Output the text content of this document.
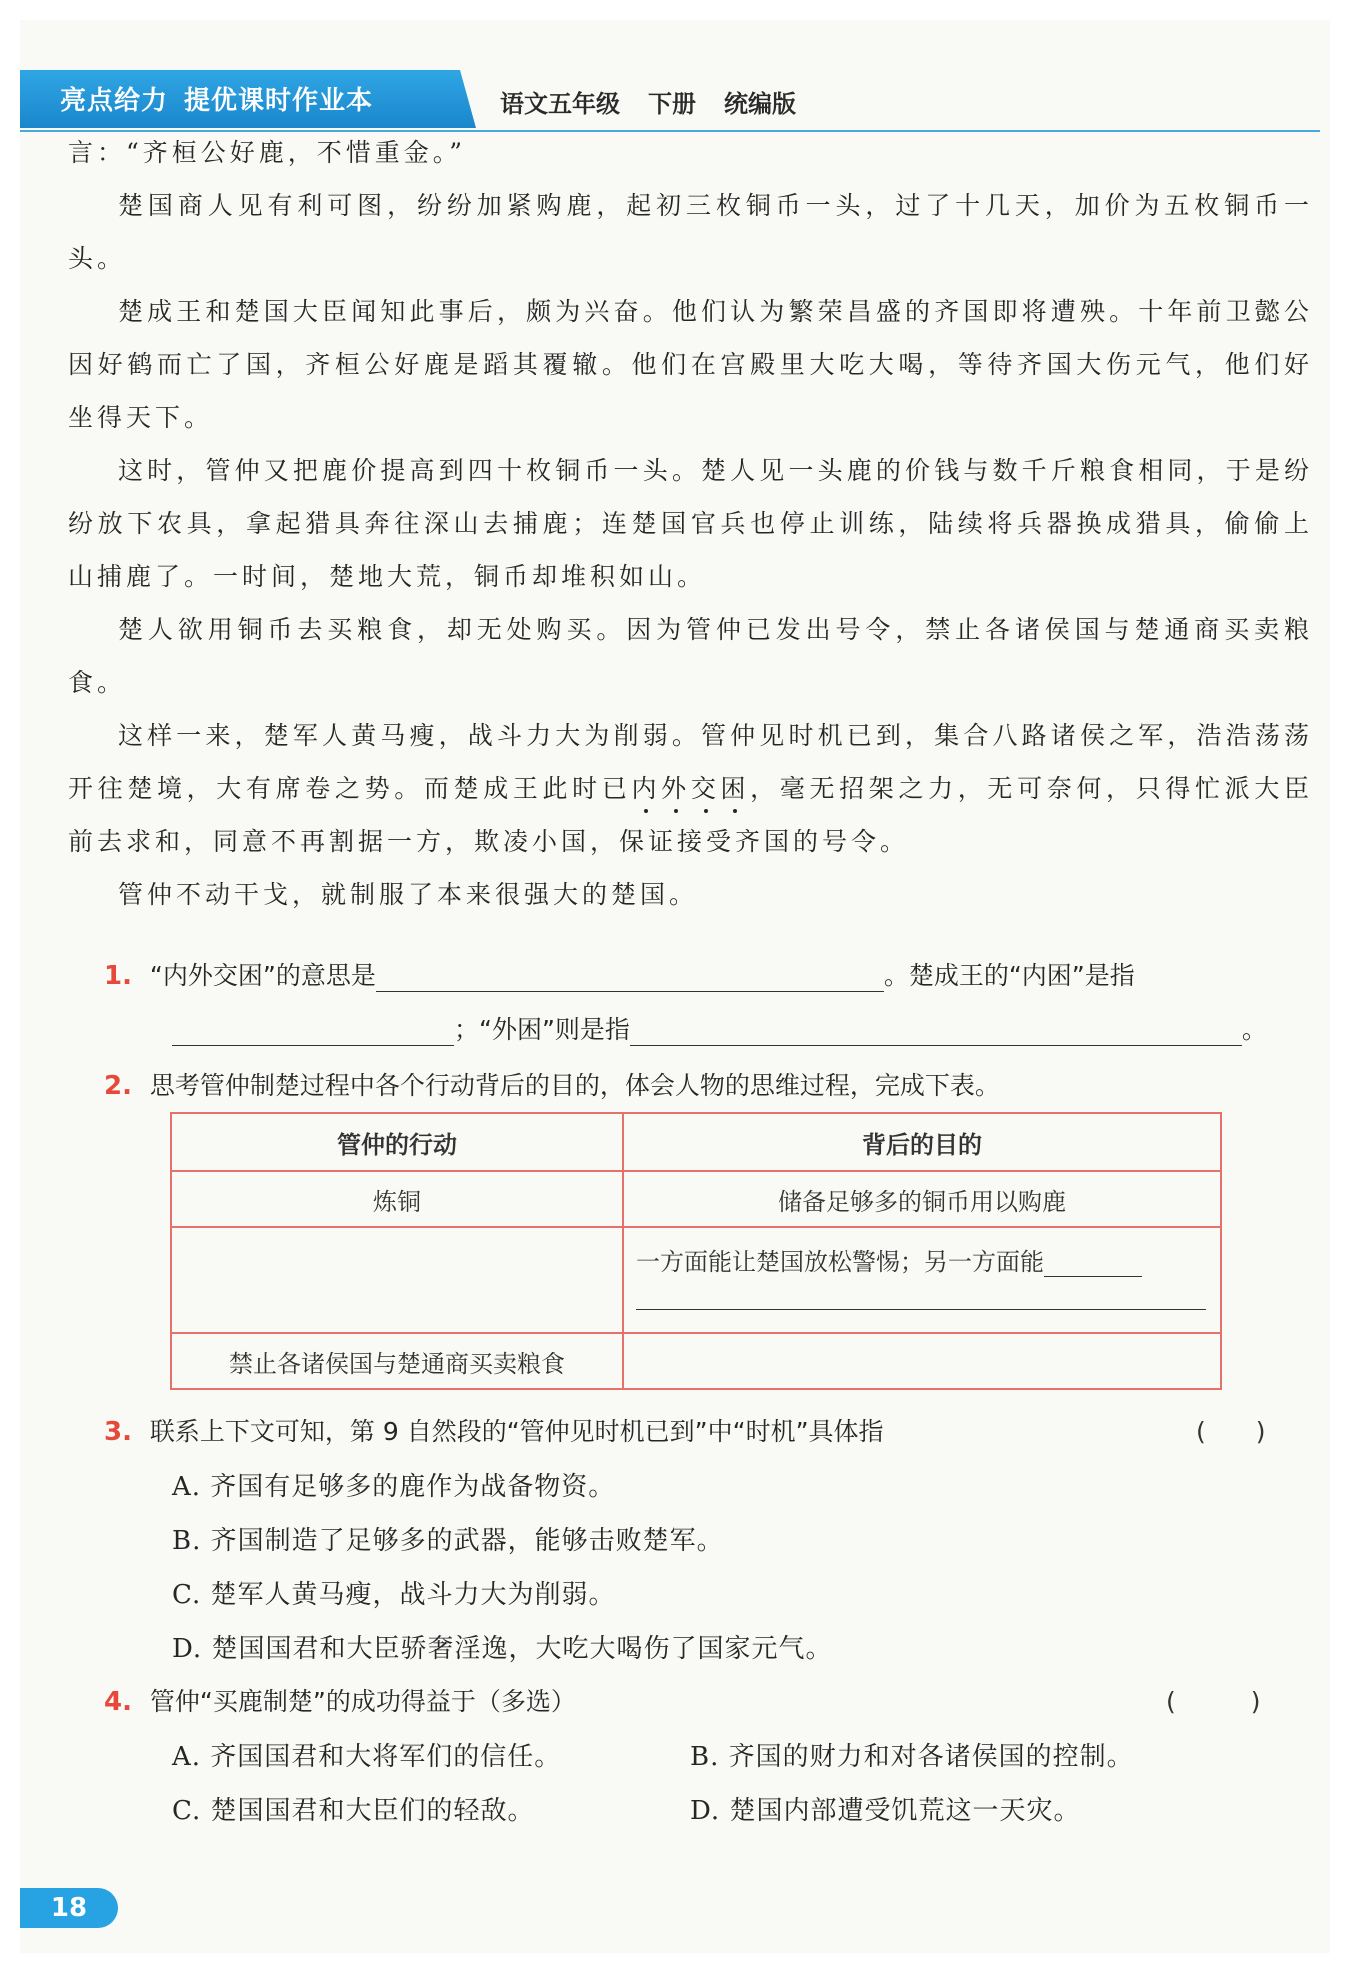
亮点给力 提优课时作业本	语文五年级 下册 统编版

言：“齐桓公好鹿，不惜重金。”

楚国商人见有利可图，纷纷加紧购鹿，起初三枚铜币一头，过了十几天，加价为五枚铜币一头。

楚成王和楚国大臣闻知此事后，颇为兴奋。他们认为繁荣昌盛的齐国即将遭殃。十年前卫懿公因好鹤而亡了国，齐桓公好鹿是蹈其覆辙。他们在宫殿里大吃大喝，等待齐国大伤元气，他们好坐得天下。

这时，管仲又把鹿价提高到四十枚铜币一头。楚人见一头鹿的价钱与数千斤粮食相同，于是纷纷放下农具，拿起猎具奔往深山去捕鹿；连楚国官兵也停止训练，陆续将兵器换成猎具，偷偷上山捕鹿了。一时间，楚地大荒，铜币却堆积如山。

楚人欲用铜币去买粮食，却无处购买。因为管仲已发出号令，禁止各诸侯国与楚通商买卖粮食。

这样一来，楚军人黄马瘦，战斗力大为削弱。管仲见时机已到，集合八路诸侯之军，浩浩荡荡开往楚境，大有席卷之势。而楚成王此时已内外交困，毫无招架之力，无可奈何，只得忙派大臣前去求和，同意不再割据一方，欺凌小国，保证接受齐国的号令。

管仲不动干戈，就制服了本来很强大的楚国。

1. “内外交困”的意思是	。楚成王的“内困”是指
；“外困”则是指	。
2. 思考管仲制楚过程中各个行动背后的目的，体会人物的思维过程，完成下表。
管仲的行动	背后的目的
炼铜	储备足够多的铜币用以购鹿

	一方面能让楚国放松警惕；另一方面能

禁止各诸侯国与楚通商买卖粮食	
3. 联系上下文可知，第 9 自然段的“管仲见时机已到”中“时机”具体指	(　　)
A. 齐国有足够多的鹿作为战备物资。
B. 齐国制造了足够多的武器，能够击败楚军。
C. 楚军人黄马瘦，战斗力大为削弱。
D. 楚国国君和大臣骄奢淫逸，大吃大喝伤了国家元气。
4. 管仲“买鹿制楚”的成功得益于（多选）	(　　　)
A. 齐国国君和大将军们的信任。	B. 齐国的财力和对各诸侯国的控制。
C. 楚国国君和大臣们的轻敌。	D. 楚国内部遭受饥荒这一天灾。
18
